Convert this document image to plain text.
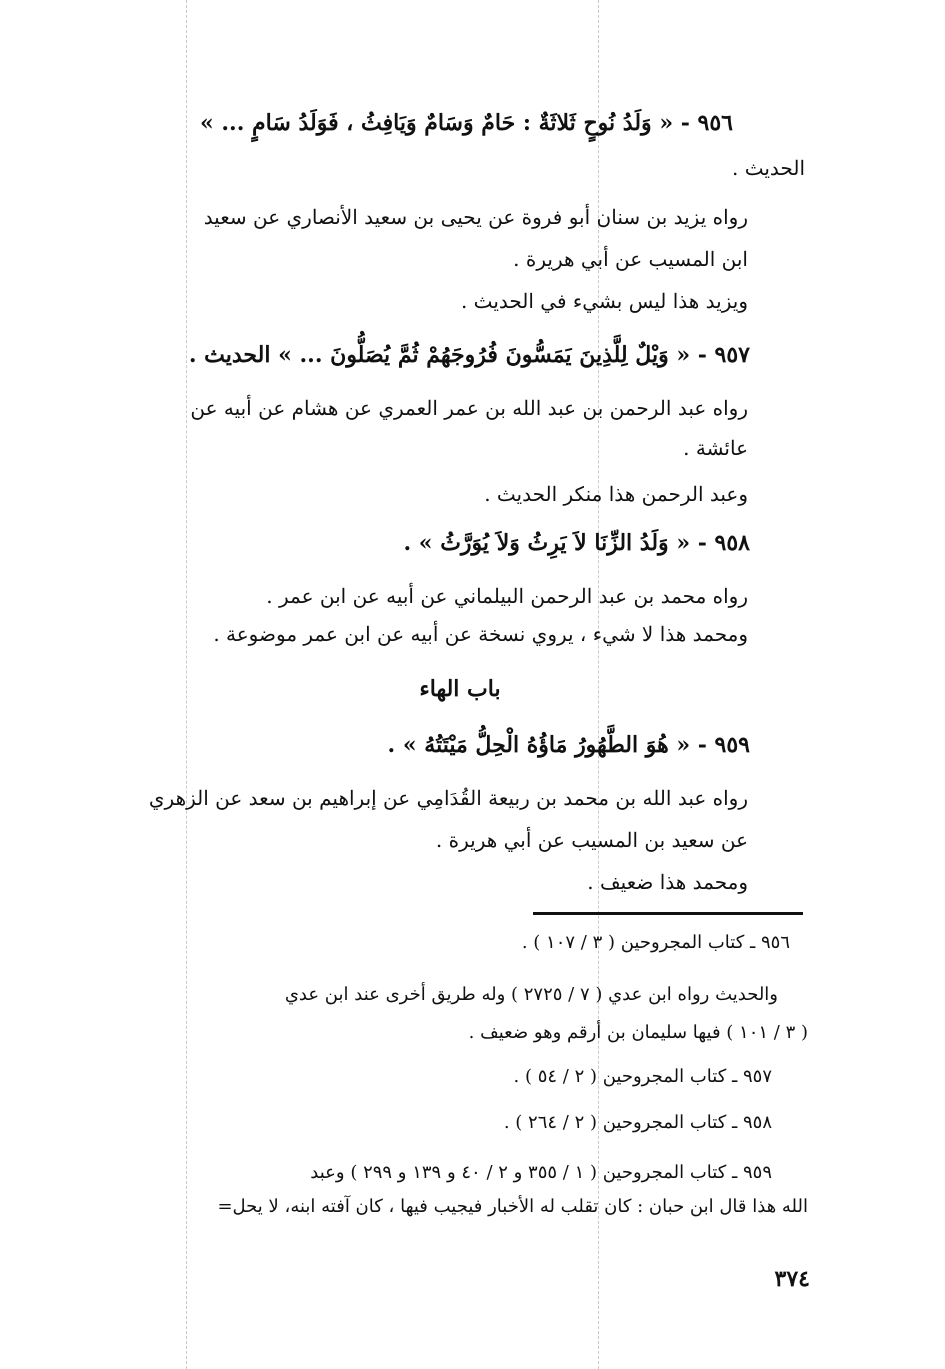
٩٥٦ - « وَلَدُ نُوحٍ ثَلاثَةٌ : حَامٌ وَسَامٌ وَيَافِثُ ، فَوَلَدُ سَامٍ ... »
الحديث .
رواه يزيد بن سنان أبو فروة عن يحيى بن سعيد الأنصاري عن سعيد
ابن المسيب عن أبي هريرة .
ويزيد هذا ليس بشيء في الحديث .
٩٥٧ - « وَيْلٌ لِلَّذِينَ يَمَسُّونَ فُرُوجَهُمْ ثُمَّ يُصَلُّونَ ... » الحديث .
رواه عبد الرحمن بن عبد الله بن عمر العمري عن هشام عن أبيه عن
عائشة .
وعبد الرحمن هذا منكر الحديث .
٩٥٨ - « وَلَدُ الزِّنَا لاَ يَرِثُ وَلاَ يُوَرَّثُ » .
رواه محمد بن عبد الرحمن البيلماني عن أبيه عن ابن عمر .
ومحمد هذا لا شيء ، يروي نسخة عن أبيه عن ابن عمر موضوعة .
باب الهاء
٩٥٩ - « هُوَ الطَّهُورُ مَاؤُهُ الْحِلُّ مَيْتَتُهُ » .
رواه عبد الله بن محمد بن ربيعة القُدَامِي عن إبراهيم بن سعد عن الزهري
عن سعيد بن المسيب عن أبي هريرة .
ومحمد هذا ضعيف .
٩٥٦ ـ كتاب المجروحين ( ٣ / ١٠٧ ) .
والحديث رواه ابن عدي ( ٧ / ٢٧٢٥ ) وله طريق أخرى عند ابن عدي
( ٣ / ١٠١ ) فيها سليمان بن أرقم وهو ضعيف .
٩٥٧ ـ كتاب المجروحين ( ٢ / ٥٤ ) .
٩٥٨ ـ كتاب المجروحين ( ٢ / ٢٦٤ ) .
٩٥٩ ـ كتاب المجروحين ( ١ / ٣٥٥ و ٢ / ٤٠ و ١٣٩ و ٢٩٩ ) وعبد
الله هذا قال ابن حبان : كان تقلب له الأخبار فيجيب فيها ، كان آفته ابنه، لا يحل=
٣٧٤
